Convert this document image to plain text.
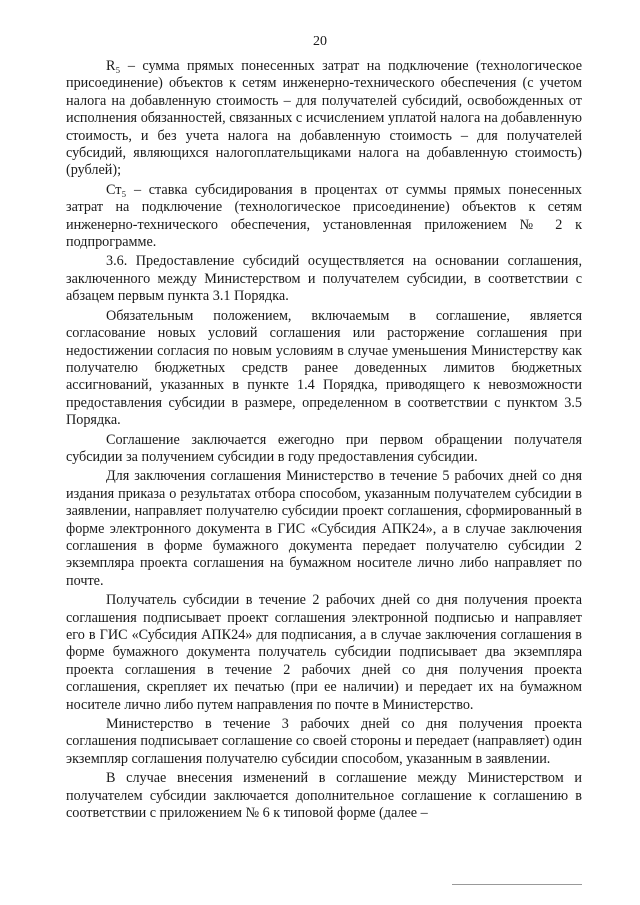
20

R₅ – сумма прямых понесенных затрат на подключение (технологическое присоединение) объектов к сетям инженерно-технического обеспечения (с учетом налога на добавленную стоимость – для получателей субсидий, освобожденных от исполнения обязанностей, связанных с исчислением уплатой налога на добавленную стоимость, и без учета налога на добавленную стоимость – для получателей субсидий, являющихся налогоплательщиками налога на добавленную стоимость) (рублей);

Ст₅ – ставка субсидирования в процентах от суммы прямых понесенных затрат на подключение (технологическое присоединение) объектов к сетям инженерно-технического обеспечения, установленная приложением № 2 к подпрограмме.

3.6. Предоставление субсидий осуществляется на основании соглашения, заключенного между Министерством и получателем субсидии, в соответствии с абзацем первым пункта 3.1 Порядка.

Обязательным положением, включаемым в соглашение, является согласование новых условий соглашения или расторжение соглашения при недостижении согласия по новым условиям в случае уменьшения Министерству как получателю бюджетных средств ранее доведенных лимитов бюджетных ассигнований, указанных в пункте 1.4 Порядка, приводящего к невозможности предоставления субсидии в размере, определенном в соответствии с пунктом 3.5 Порядка.

Соглашение заключается ежегодно при первом обращении получателя субсидии за получением субсидии в году предоставления субсидии.

Для заключения соглашения Министерство в течение 5 рабочих дней со дня издания приказа о результатах отбора способом, указанным получателем субсидии в заявлении, направляет получателю субсидии проект соглашения, сформированный в форме электронного документа в ГИС «Субсидия АПК24», а в случае заключения соглашения в форме бумажного документа передает получателю субсидии 2 экземпляра проекта соглашения на бумажном носителе лично либо направляет по почте.

Получатель субсидии в течение 2 рабочих дней со дня получения проекта соглашения подписывает проект соглашения электронной подписью и направляет его в ГИС «Субсидия АПК24» для подписания, а в случае заключения соглашения в форме бумажного документа получатель субсидии подписывает два экземпляра проекта соглашения в течение 2 рабочих дней со дня получения проекта соглашения, скрепляет их печатью (при ее наличии) и передает их на бумажном носителе лично либо путем направления по почте в Министерство.

Министерство в течение 3 рабочих дней со дня получения проекта соглашения подписывает соглашение со своей стороны и передает (направляет) один экземпляр соглашения получателю субсидии способом, указанным в заявлении.

В случае внесения изменений в соглашение между Министерством и получателем субсидии заключается дополнительное соглашение к соглашению в соответствии с приложением № 6 к типовой форме (далее –
